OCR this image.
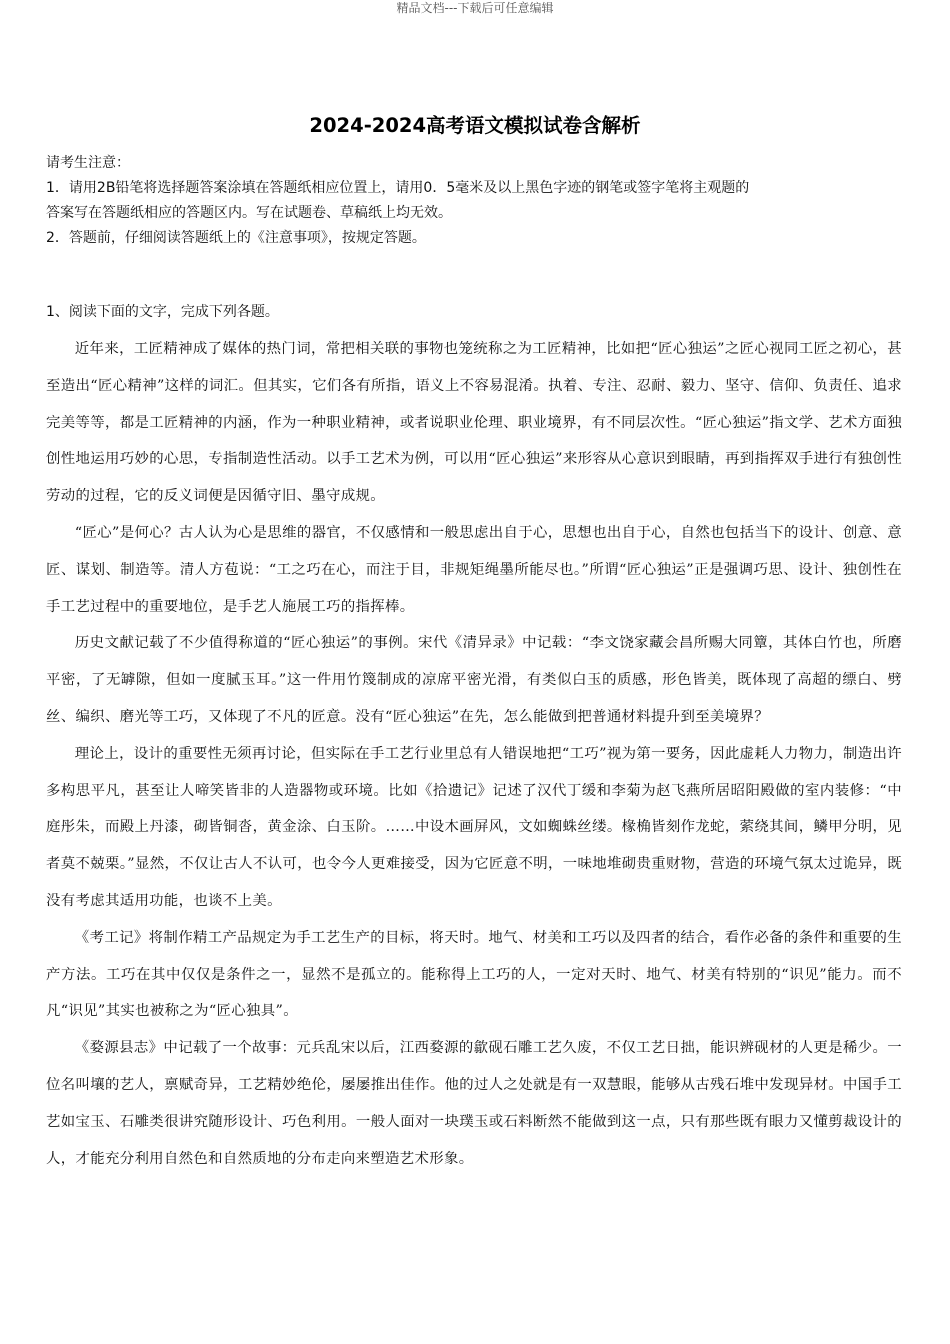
精品文档---下载后可任意编辑
2024-2024高考语文模拟试卷含解析
请考生注意：
1．请用2B铅笔将选择题答案涂填在答题纸相应位置上，请用0．5毫米及以上黑色字迹的钢笔或签字笔将主观题的
答案写在答题纸相应的答题区内。写在试题卷、草稿纸上均无效。
2．答题前，仔细阅读答题纸上的《注意事项》，按规定答题。
1、阅读下面的文字，完成下列各题。

近年来，工匠精神成了媒体的热门词，常把相关联的事物也笼统称之为工匠精神，比如把“匠心独运”之匠心视同工匠之初心，甚至造出“匠心精神”这样的词汇。但其实，它们各有所指，语义上不容易混淆。执着、专注、忍耐、毅力、坚守、信仰、负责任、追求完美等等，都是工匠精神的内涵，作为一种职业精神，或者说职业伦理、职业境界，有不同层次性。“匠心独运”指文学、艺术方面独创性地运用巧妙的心思，专指制造性活动。以手工艺术为例，可以用“匠心独运”来形容从心意识到眼睛，再到指挥双手进行有独创性劳动的过程，它的反义词便是因循守旧、墨守成规。

“匠心”是何心？古人认为心是思维的器官，不仅感情和一般思虑出自于心，思想也出自于心，自然也包括当下的设计、创意、意匠、谋划、制造等。清人方苞说：“工之巧在心，而注于目，非规矩绳墨所能尽也。”所谓“匠心独运”正是强调巧思、设计、独创性在手工艺过程中的重要地位，是手艺人施展工巧的指挥棒。

历史文献记载了不少值得称道的“匠心独运”的事例。宋代《清异录》中记载：“李文饶家藏会昌所赐大同簟，其体白竹也，所磨平密，了无罅隙，但如一度腻玉耳。”这一件用竹篾制成的凉席平密光滑，有类似白玉的质感，形色皆美，既体现了高超的缥白、劈丝、编织、磨光等工巧，又体现了不凡的匠意。没有“匠心独运”在先，怎么能做到把普通材料提升到至美境界？

理论上，设计的重要性无须再讨论，但实际在手工艺行业里总有人错误地把“工巧”视为第一要务，因此虚耗人力物力，制造出许多构思平凡，甚至让人啼笑皆非的人造器物或环境。比如《拾遗记》记述了汉代丁缓和李菊为赵飞燕所居昭阳殿做的室内装修：“中庭彤朱，而殿上丹漆，砌皆铜沓，黄金涂、白玉阶。……中设木画屏风，文如蜘蛛丝缕。椽桷皆刻作龙蛇，萦绕其间，鳞甲分明，见者莫不兢栗。”显然，不仅让古人不认可，也令今人更难接受，因为它匠意不明，一味地堆砌贵重财物，营造的环境气氛太过诡异，既没有考虑其适用功能，也谈不上美。

《考工记》将制作精工产品规定为手工艺生产的目标，将天时。地气、材美和工巧以及四者的结合，看作必备的条件和重要的生产方法。工巧在其中仅仅是条件之一，显然不是孤立的。能称得上工巧的人，一定对天时、地气、材美有特别的“识见”能力。而不凡“识见”其实也被称之为“匠心独具”。

《婺源县志》中记载了一个故事：元兵乱宋以后，江西婺源的歙砚石雕工艺久废，不仅工艺日拙，能识辨砚材的人更是稀少。一位名叫壤的艺人，禀赋奇异，工艺精妙绝伦，屡屡推出佳作。他的过人之处就是有一双慧眼，能够从古残石堆中发现异材。中国手工艺如宝玉、石雕类很讲究随形设计、巧色利用。一般人面对一块璞玉或石料断然不能做到这一点，只有那些既有眼力又懂剪裁设计的人，才能充分利用自然色和自然质地的分布走向来塑造艺术形象。
